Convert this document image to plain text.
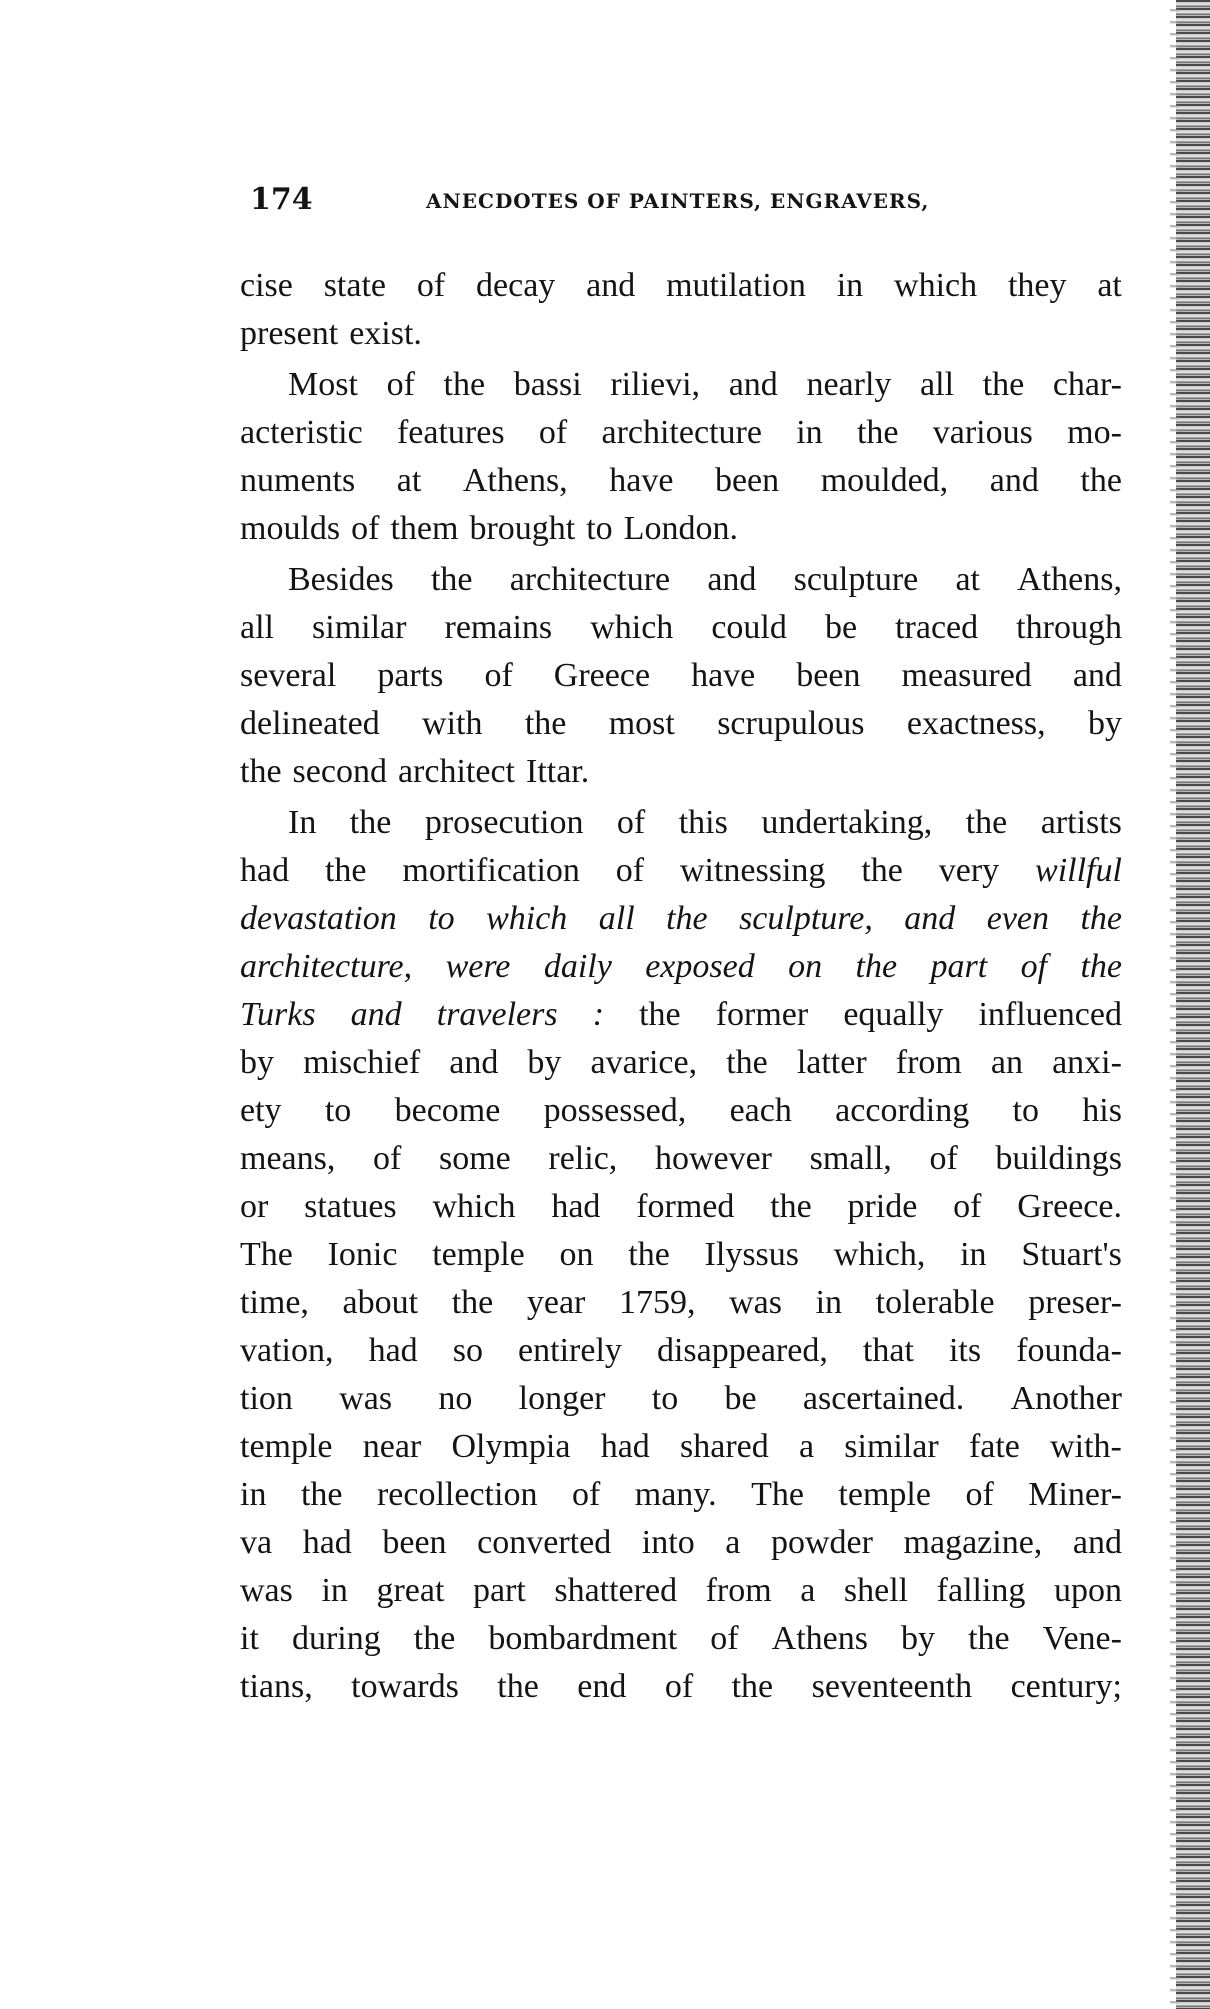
174	ANECDOTES OF PAINTERS, ENGRAVERS,
cise state of decay and mutilation in which they at
present exist.
Most of the bassi rilievi, and nearly all the char-
acteristic features of architecture in the various mo-
numents at Athens, have been moulded, and the
moulds of them brought to London.
Besides the architecture and sculpture at Athens,
all similar remains which could be traced through
several parts of Greece have been measured and
delineated with the most scrupulous exactness, by
the second architect Ittar.
In the prosecution of this undertaking, the artists
had the mortification of witnessing the very willful
devastation to which all the sculpture, and even the
architecture, were daily exposed on the part of the
Turks and travelers : the former equally influenced
by mischief and by avarice, the latter from an anxi-
ety to become possessed, each according to his
means, of some relic, however small, of buildings
or statues which had formed the pride of Greece.
The Ionic temple on the Ilyssus which, in Stuart's
time, about the year 1759, was in tolerable preser-
vation, had so entirely disappeared, that its founda-
tion was no longer to be ascertained. Another
temple near Olympia had shared a similar fate with-
in the recollection of many. The temple of Miner-
va had been converted into a powder magazine, and
was in great part shattered from a shell falling upon
it during the bombardment of Athens by the Vene-
tians, towards the end of the seventeenth century;
